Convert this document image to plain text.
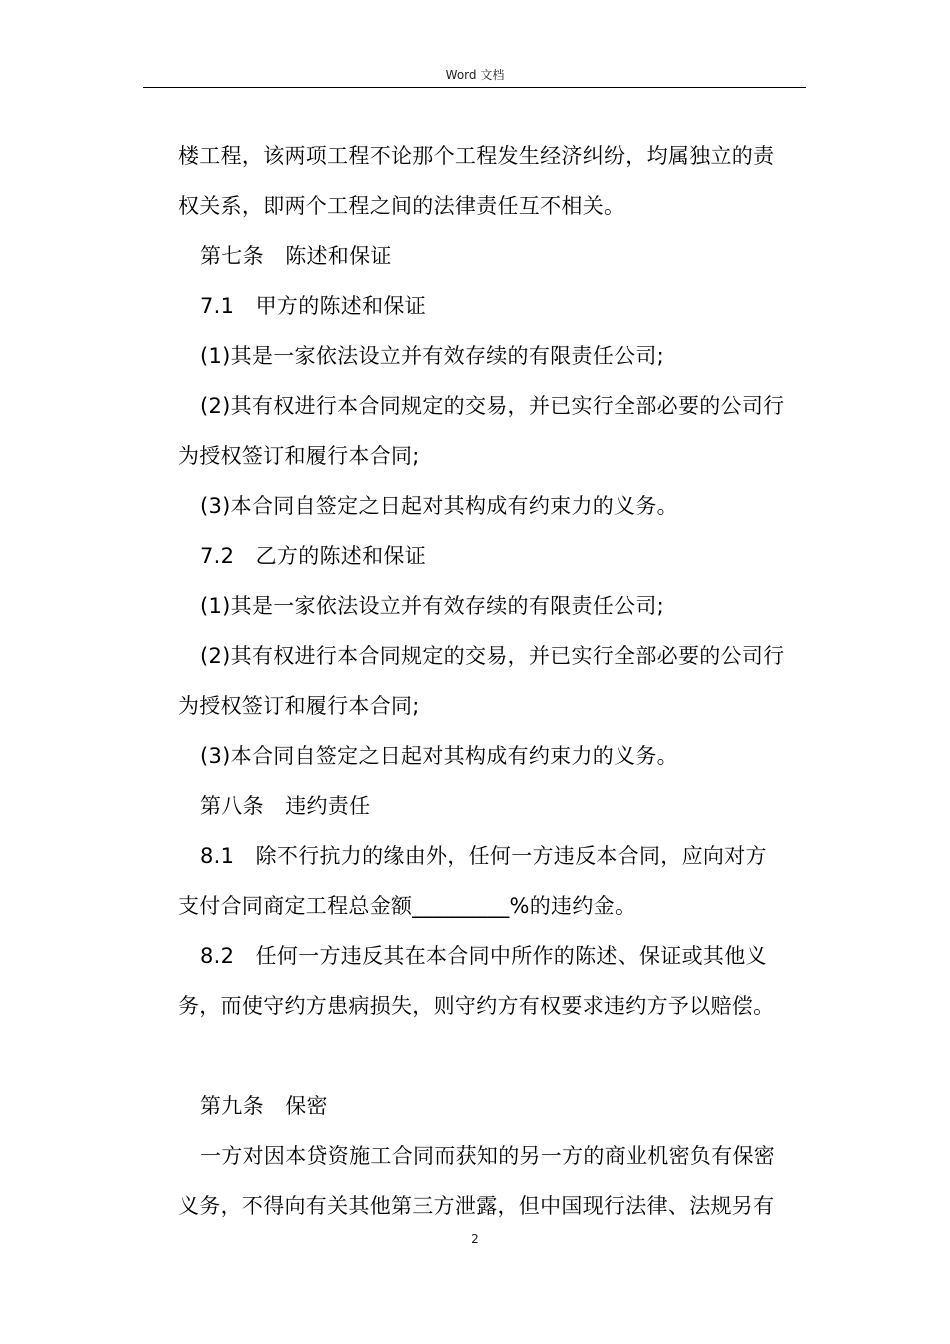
Word 文档
楼工程，该两项工程不论那个工程发生经济纠纷，均属独立的责
权关系，即两个工程之间的法律责任互不相关。
第七条　陈述和保证
7.1　甲方的陈述和保证
(1)其是一家依法设立并有效存续的有限责任公司;
(2)其有权进行本合同规定的交易，并已实行全部必要的公司行
为授权签订和履行本合同;
(3)本合同自签定之日起对其构成有约束力的义务。
7.2　乙方的陈述和保证
(1)其是一家依法设立并有效存续的有限责任公司;
(2)其有权进行本合同规定的交易，并已实行全部必要的公司行
为授权签订和履行本合同;
(3)本合同自签定之日起对其构成有约束力的义务。
第八条　违约责任
8.1　除不行抗力的缘由外，任何一方违反本合同，应向对方
支付合同商定工程总金额_________%的违约金。
8.2　任何一方违反其在本合同中所作的陈述、保证或其他义
务，而使守约方患病损失，则守约方有权要求违约方予以赔偿。
第九条　保密
一方对因本贷资施工合同而获知的另一方的商业机密负有保密
义务，不得向有关其他第三方泄露，但中国现行法律、法规另有
2
